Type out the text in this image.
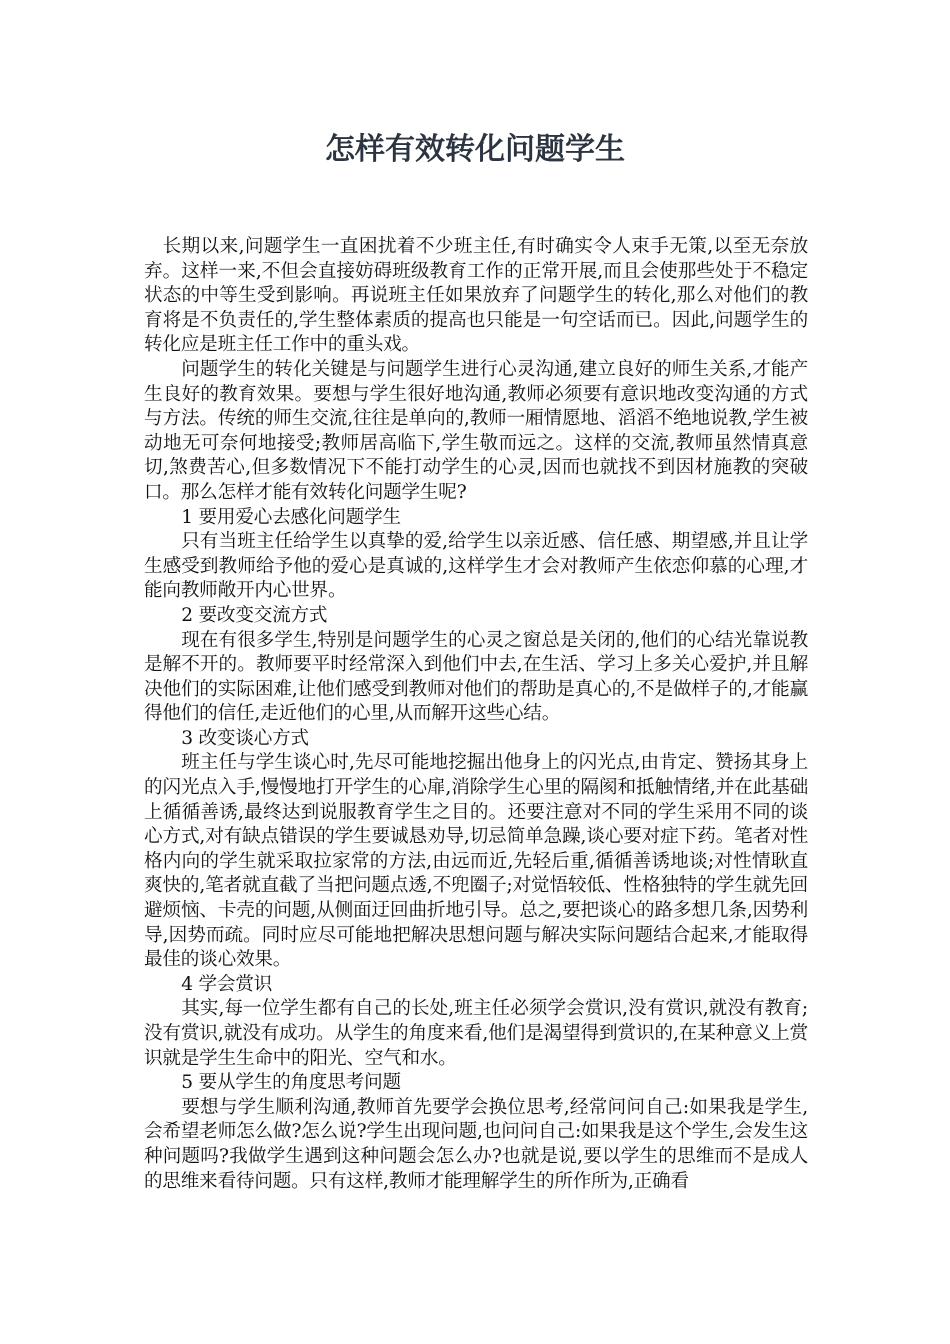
怎样有效转化问题学生

长期以来,问题学生一直困扰着不少班主任,有时确实令人束手无策,以至无奈放弃。这样一来,不但会直接妨碍班级教育工作的正常开展,而且会使那些处于不稳定状态的中等生受到影响。再说班主任如果放弃了问题学生的转化,那么对他们的教育将是不负责任的,学生整体素质的提高也只能是一句空话而已。因此,问题学生的转化应是班主任工作中的重头戏。

问题学生的转化关键是与问题学生进行心灵沟通,建立良好的师生关系,才能产生良好的教育效果。要想与学生很好地沟通,教师必须要有意识地改变沟通的方式与方法。传统的师生交流,往往是单向的,教师一厢情愿地、滔滔不绝地说教,学生被动地无可奈何地接受;教师居高临下,学生敬而远之。这样的交流,教师虽然情真意切,煞费苦心,但多数情况下不能打动学生的心灵,因而也就找不到因材施教的突破口。那么怎样才能有效转化问题学生呢?

1 要用爱心去感化问题学生

只有当班主任给学生以真挚的爱,给学生以亲近感、信任感、期望感,并且让学生感受到教师给予他的爱心是真诚的,这样学生才会对教师产生依恋仰慕的心理,才能向教师敞开内心世界。

2 要改变交流方式

现在有很多学生,特别是问题学生的心灵之窗总是关闭的,他们的心结光靠说教是解不开的。教师要平时经常深入到他们中去,在生活、学习上多关心爱护,并且解决他们的实际困难,让他们感受到教师对他们的帮助是真心的,不是做样子的,才能赢得他们的信任,走近他们的心里,从而解开这些心结。

3 改变谈心方式

班主任与学生谈心时,先尽可能地挖掘出他身上的闪光点,由肯定、赞扬其身上的闪光点入手,慢慢地打开学生的心扉,消除学生心里的隔阂和抵触情绪,并在此基础上循循善诱,最终达到说服教育学生之目的。还要注意对不同的学生采用不同的谈心方式,对有缺点错误的学生要诚恳劝导,切忌简单急躁,谈心要对症下药。笔者对性格内向的学生就采取拉家常的方法,由远而近,先轻后重,循循善诱地谈;对性情耿直爽快的,笔者就直截了当把问题点透,不兜圈子;对觉悟较低、性格独特的学生就先回避烦恼、卡壳的问题,从侧面迂回曲折地引导。总之,要把谈心的路多想几条,因势利导,因势而疏。同时应尽可能地把解决思想问题与解决实际问题结合起来,才能取得最佳的谈心效果。

4 学会赏识

其实,每一位学生都有自己的长处,班主任必须学会赏识,没有赏识,就没有教育;没有赏识,就没有成功。从学生的角度来看,他们是渴望得到赏识的,在某种意义上赏识就是学生生命中的阳光、空气和水。

5 要从学生的角度思考问题

要想与学生顺利沟通,教师首先要学会换位思考,经常问问自己:如果我是学生,会希望老师怎么做?怎么说?学生出现问题,也问问自己:如果我是这个学生,会发生这种问题吗?我做学生遇到这种问题会怎么办?也就是说,要以学生的思维而不是成人的思维来看待问题。只有这样,教师才能理解学生的所作所为,正确看
